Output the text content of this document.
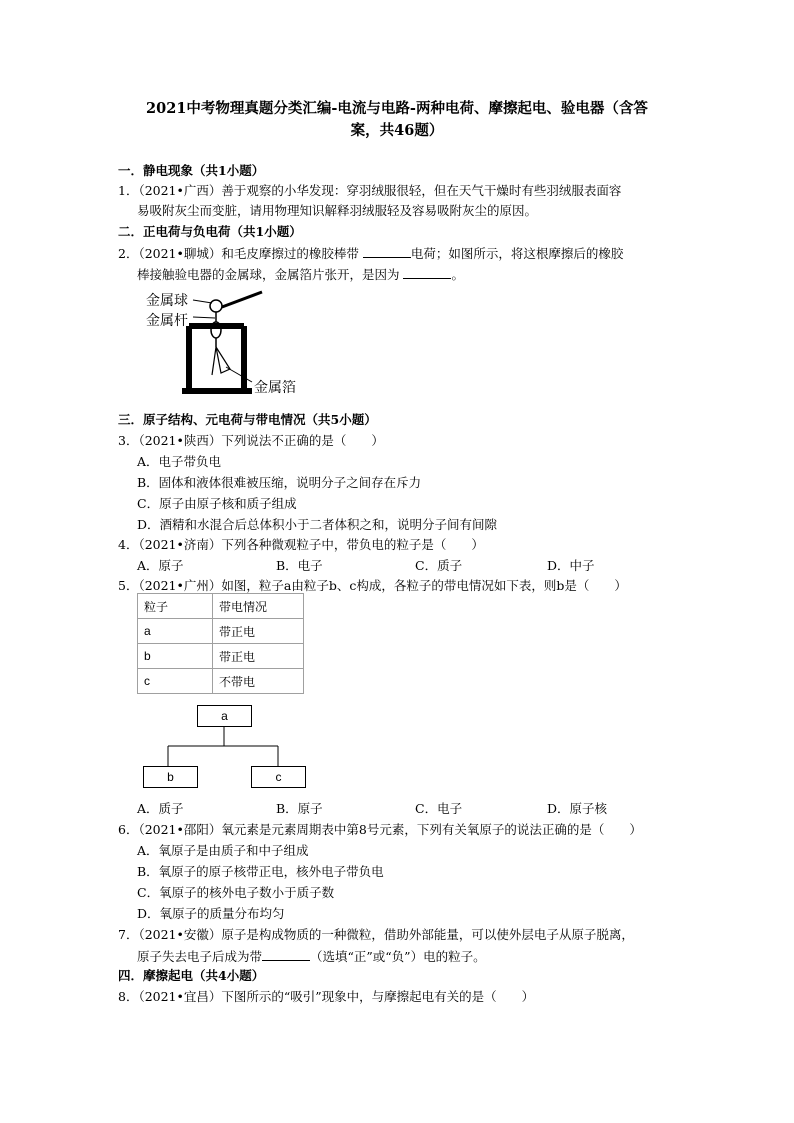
2021中考物理真题分类汇编-电流与电路-两种电荷、摩擦起电、验电器（含答
案，共46题）
一．静电现象（共1小题）
1．（2021•广西）善于观察的小华发现：穿羽绒服很轻，但在天气干燥时有些羽绒服表面容
易吸附灰尘而变脏，请用物理知识解释羽绒服轻及容易吸附灰尘的原因。
二．正电荷与负电荷（共1小题）
2．（2021•聊城）和毛皮摩擦过的橡胶棒带	电荷；如图所示，将这根摩擦后的橡胶
棒接触验电器的金属球，金属箔片张开，是因为	。
金属球
金属杆
金属箔
三．原子结构、元电荷与带电情况（共5小题）
3．（2021•陕西）下列说法不正确的是（　　）
A．电子带负电
B．固体和液体很难被压缩，说明分子之间存在斥力
C．原子由原子核和质子组成
D．酒精和水混合后总体积小于二者体积之和，说明分子间有间隙
4．（2021•济南）下列各种微观粒子中，带负电的粒子是（　　）
A．原子	B．电子	C．质子	D．中子
5．（2021•广州）如图，粒子a由粒子b、c构成，各粒子的带电情况如下表，则b是（　　）
粒子	带电情况
a	带正电
b	带正电
c	不带电
a
b	c
A．质子	B．原子	C．电子	D．原子核
6．（2021•邵阳）氧元素是元素周期表中第8号元素，下列有关氧原子的说法正确的是（　　）
A．氧原子是由质子和中子组成
B．氧原子的原子核带正电，核外电子带负电
C．氧原子的核外电子数小于质子数
D．氧原子的质量分布均匀
7．（2021•安徽）原子是构成物质的一种微粒，借助外部能量，可以使外层电子从原子脱离，
原子失去电子后成为带	（选填“正”或“负”）电的粒子。
四．摩擦起电（共4小题）
8．（2021•宜昌）下图所示的“吸引”现象中，与摩擦起电有关的是（　　）
